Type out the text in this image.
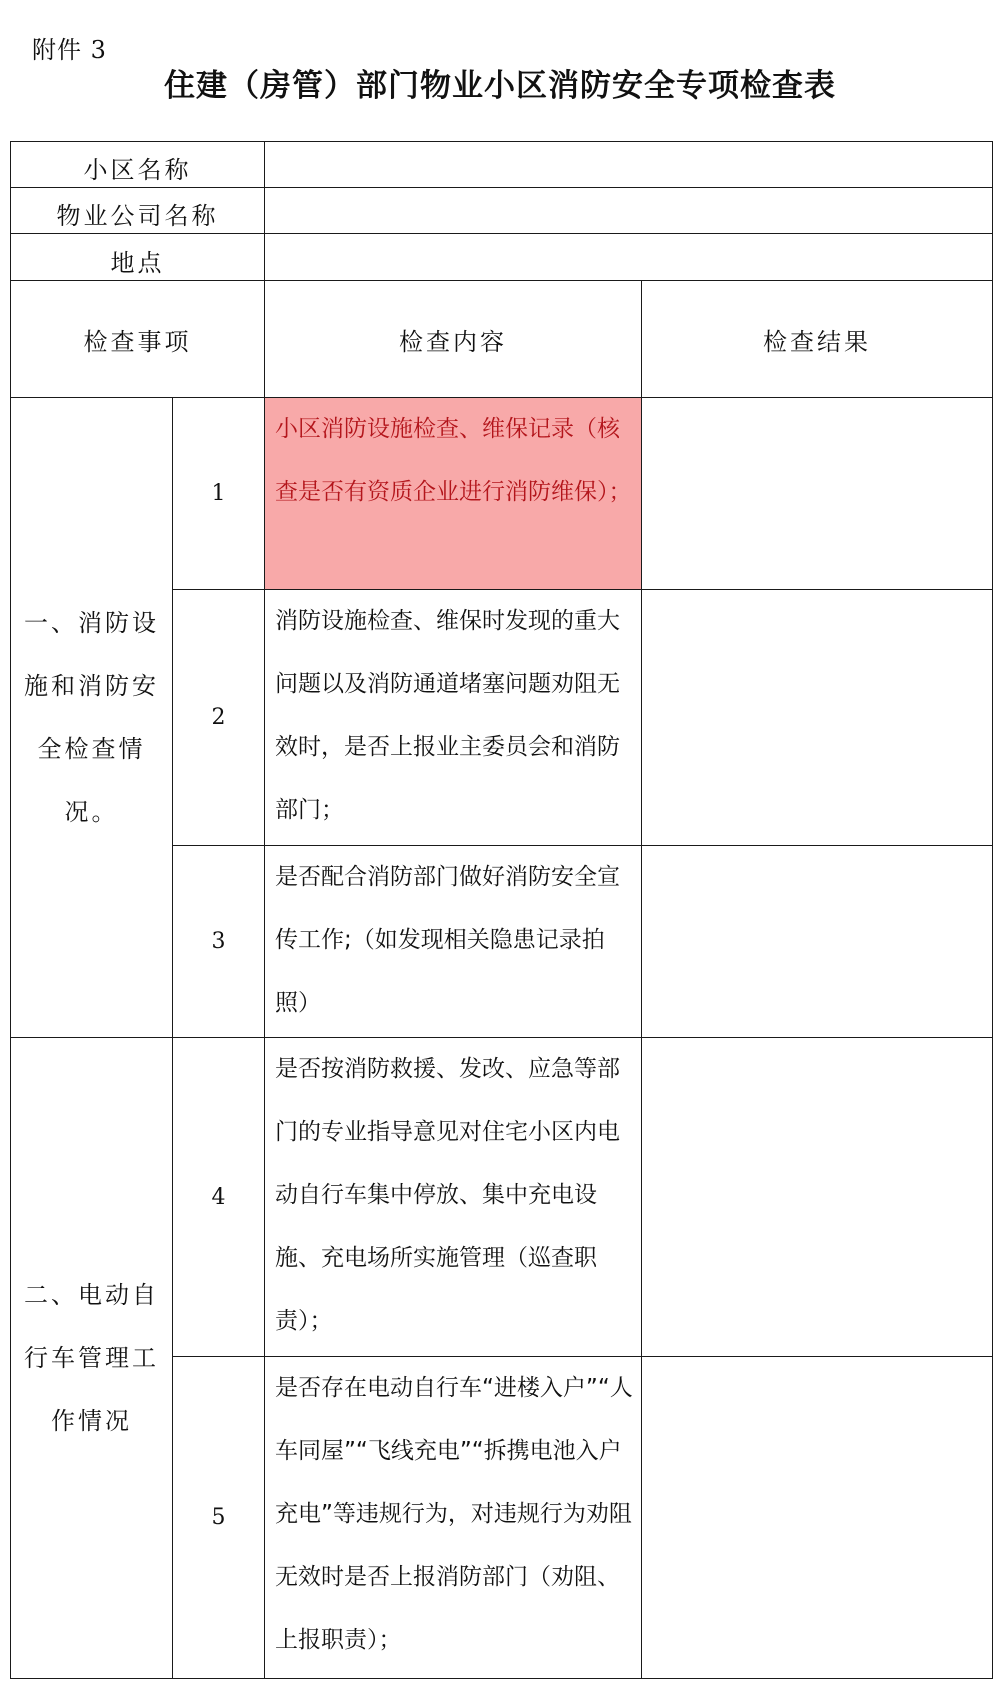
附件 3
住建（房管）部门物业小区消防安全专项检查表
小区名称			
物业公司名称			
地点			
检查事项		检查内容	检查结果
一、消防设施和消防安全检查情况。	1	小区消防设施检查、维保记录（核查是否有资质企业进行消防维保）；	
	2	消防设施检查、维保时发现的重大问题以及消防通道堵塞问题劝阻无效时，是否上报业主委员会和消防部门；	
	3	是否配合消防部门做好消防安全宣传工作;（如发现相关隐患记录拍照）	
二、电动自行车管理工作情况	4	是否按消防救援、发改、应急等部门的专业指导意见对住宅小区内电动自行车集中停放、集中充电设施、充电场所实施管理（巡查职责）；	
	5	是否存在电动自行车“进楼入户”“人车同屋”“飞线充电”“拆携电池入户充电”等违规行为，对违规行为劝阻无效时是否上报消防部门（劝阻、上报职责）；	
